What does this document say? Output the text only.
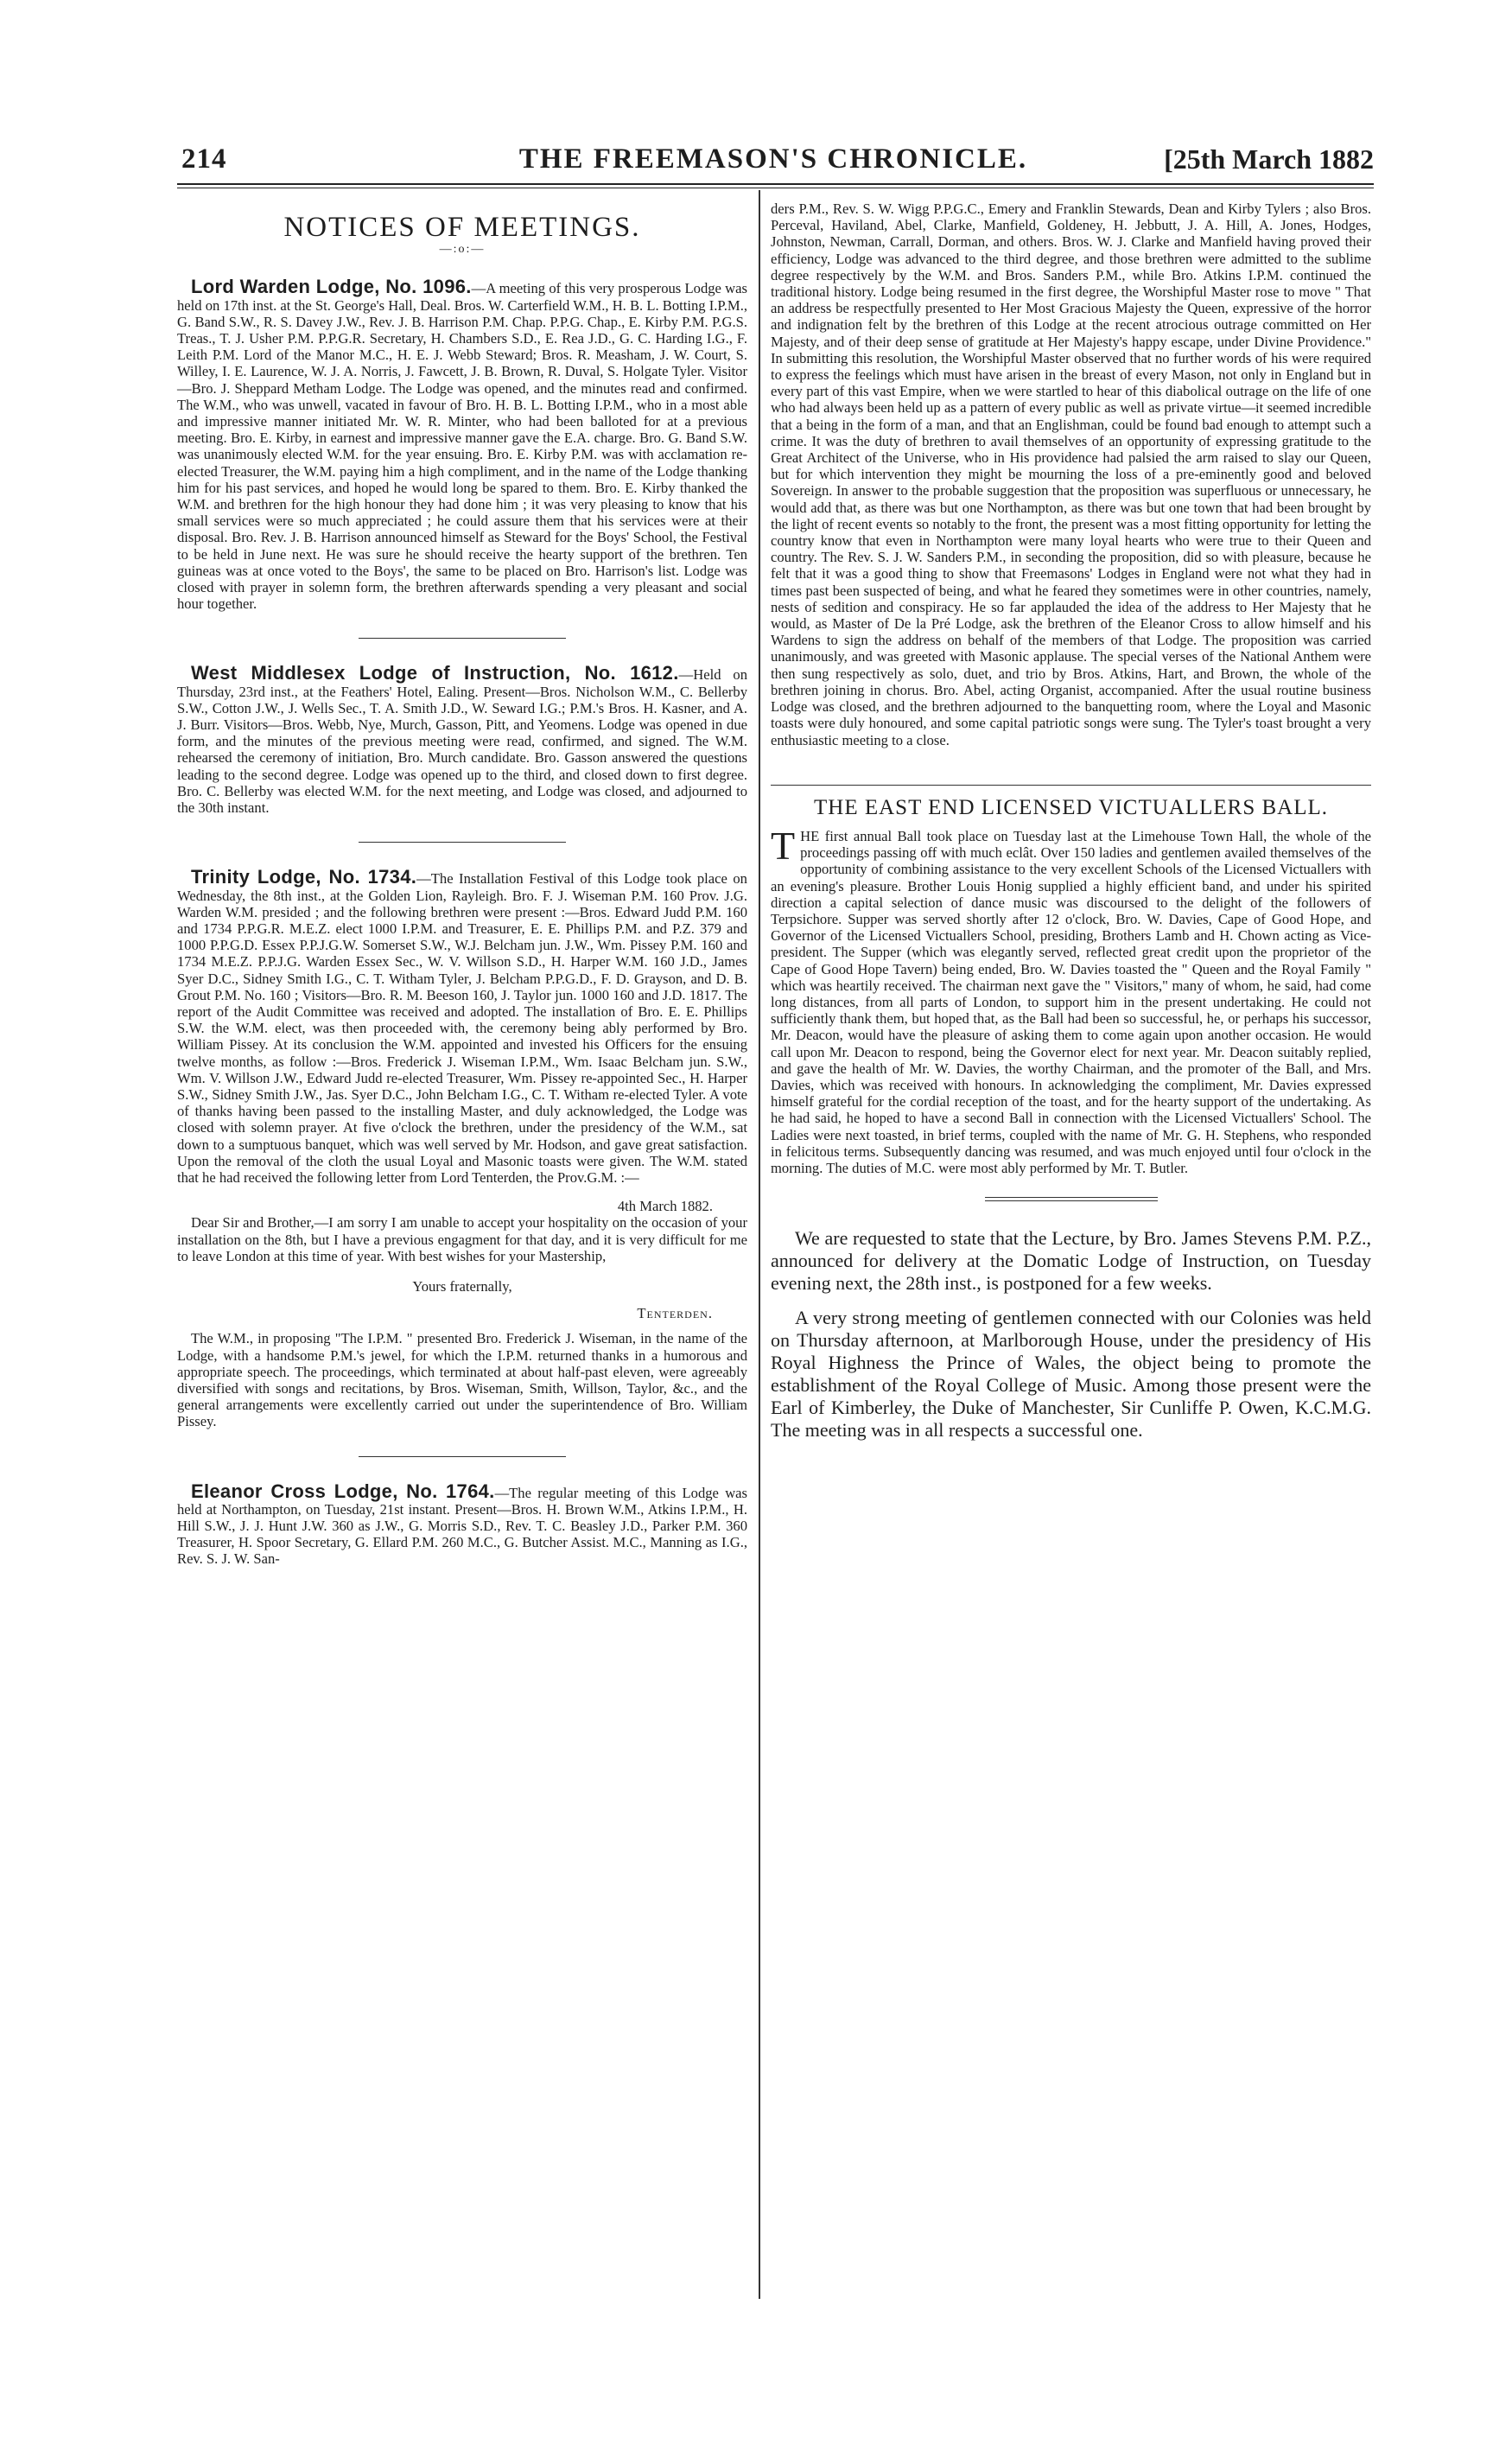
214	THE FREEMASON'S CHRONICLE.	[25th March 1882
NOTICES OF MEETINGS.
—:o:—

Lord Warden Lodge, No. 1096.—A meeting of this very prosperous Lodge was held on 17th inst. at the St. George's Hall, Deal. Bros. W. Carterfield W.M., H. B. L. Botting I.P.M., G. Band S.W., R. S. Davey J.W., Rev. J. B. Harrison P.M. Chap. P.P.G. Chap., E. Kirby P.M. P.G.S. Treas., T. J. Usher P.M. P.P.G.R. Secretary, H. Chambers S.D., E. Rea J.D., G. C. Harding I.G., F. Leith P.M. Lord of the Manor M.C., H. E. J. Webb Steward; Bros. R. Measham, J. W. Court, S. Willey, I. E. Laurence, W. J. A. Norris, J. Fawcett, J. B. Brown, R. Duval, S. Holgate Tyler. Visitor—Bro. J. Sheppard Metham Lodge. The Lodge was opened, and the minutes read and confirmed. The W.M., who was unwell, vacated in favour of Bro. H. B. L. Botting I.P.M., who in a most able and impressive manner initiated Mr. W. R. Minter, who had been balloted for at a previous meeting. Bro. E. Kirby, in earnest and impressive manner gave the E.A. charge. Bro. G. Band S.W. was unanimously elected W.M. for the year ensuing. Bro. E. Kirby P.M. was with acclamation re-elected Treasurer, the W.M. paying him a high compliment, and in the name of the Lodge thanking him for his past services, and hoped he would long be spared to them. Bro. E. Kirby thanked the W.M. and brethren for the high honour they had done him ; it was very pleasing to know that his small services were so much appreciated ; he could assure them that his services were at their disposal. Bro. Rev. J. B. Harrison announced himself as Steward for the Boys' School, the Festival to be held in June next. He was sure he should receive the hearty support of the brethren. Ten guineas was at once voted to the Boys', the same to be placed on Bro. Harrison's list. Lodge was closed with prayer in solemn form, the brethren afterwards spending a very pleasant and social hour together.

West Middlesex Lodge of Instruction, No. 1612.—Held on Thursday, 23rd inst., at the Feathers' Hotel, Ealing. Present—Bros. Nicholson W.M., C. Bellerby S.W., Cotton J.W., J. Wells Sec., T. A. Smith J.D., W. Seward I.G.; P.M.'s Bros. H. Kasner, and A. J. Burr. Visitors—Bros. Webb, Nye, Murch, Gasson, Pitt, and Yeomens. Lodge was opened in due form, and the minutes of the previous meeting were read, confirmed, and signed. The W.M. rehearsed the ceremony of initiation, Bro. Murch candidate. Bro. Gasson answered the questions leading to the second degree. Lodge was opened up to the third, and closed down to first degree. Bro. C. Bellerby was elected W.M. for the next meeting, and Lodge was closed, and adjourned to the 30th instant.

Trinity Lodge, No. 1734.—The Installation Festival of this Lodge took place on Wednesday, the 8th inst., at the Golden Lion, Rayleigh. Bro. F. J. Wiseman P.M. 160 Prov. J.G. Warden W.M. presided ; and the following brethren were present :—Bros. Edward Judd P.M. 160 and 1734 P.P.G.R. M.E.Z. elect 1000 I.P.M. and Treasurer, E. E. Phillips P.M. and P.Z. 379 and 1000 P.P.G.D. Essex P.P.J.G.W. Somerset S.W., W.J. Belcham jun. J.W., Wm. Pissey P.M. 160 and 1734 M.E.Z. P.P.J.G. Warden Essex Sec., W. V. Willson S.D., H. Harper W.M. 160 J.D., James Syer D.C., Sidney Smith I.G., C. T. Witham Tyler, J. Belcham P.P.G.D., F. D. Grayson, and D. B. Grout P.M. No. 160 ; Visitors—Bro. R. M. Beeson 160, J. Taylor jun. 1000 160 and J.D. 1817. The report of the Audit Committee was received and adopted. The installation of Bro. E. E. Phillips S.W. the W.M. elect, was then proceeded with, the ceremony being ably performed by Bro. William Pissey. At its conclusion the W.M. appointed and invested his Officers for the ensuing twelve months, as follow :—Bros. Frederick J. Wiseman I.P.M., Wm. Isaac Belcham jun. S.W., Wm. V. Willson J.W., Edward Judd re-elected Treasurer, Wm. Pissey re-appointed Sec., H. Harper S.W., Sidney Smith J.W., Jas. Syer D.C., John Belcham I.G., C. T. Witham re-elected Tyler. A vote of thanks having been passed to the installing Master, and duly acknowledged, the Lodge was closed with solemn prayer. At five o'clock the brethren, under the presidency of the W.M., sat down to a sumptuous banquet, which was well served by Mr. Hodson, and gave great satisfaction. Upon the removal of the cloth the usual Loyal and Masonic toasts were given. The W.M. stated that he had received the following letter from Lord Tenterden, the Prov.G.M. :—

4th March 1882.

Dear Sir and Brother,—I am sorry I am unable to accept your hospitality on the occasion of your installation on the 8th, but I have a previous engagment for that day, and it is very difficult for me to leave London at this time of year. With best wishes for your Mastership,

Yours fraternally,
Tenterden.

The W.M., in proposing "The I.P.M. " presented Bro. Frederick J. Wiseman, in the name of the Lodge, with a handsome P.M.'s jewel, for which the I.P.M. returned thanks in a humorous and appropriate speech. The proceedings, which terminated at about half-past eleven, were agreeably diversified with songs and recitations, by Bros. Wiseman, Smith, Willson, Taylor, &c., and the general arrangements were excellently carried out under the superintendence of Bro. William Pissey.

Eleanor Cross Lodge, No. 1764.—The regular meeting of this Lodge was held at Northampton, on Tuesday, 21st instant. Present—Bros. H. Brown W.M., Atkins I.P.M., H. Hill S.W., J. J. Hunt J.W. 360 as J.W., G. Morris S.D., Rev. T. C. Beasley J.D., Parker P.M. 360 Treasurer, H. Spoor Secretary, G. Ellard P.M. 260 M.C., G. Butcher Assist. M.C., Manning as I.G., Rev. S. J. W. San-

ders P.M., Rev. S. W. Wigg P.P.G.C., Emery and Franklin Stewards, Dean and Kirby Tylers ; also Bros. Perceval, Haviland, Abel, Clarke, Manfield, Goldeney, H. Jebbutt, J. A. Hill, A. Jones, Hodges, Johnston, Newman, Carrall, Dorman, and others. Bros. W. J. Clarke and Manfield having proved their efficiency, Lodge was advanced to the third degree, and those brethren were admitted to the sublime degree respectively by the W.M. and Bros. Sanders P.M., while Bro. Atkins I.P.M. continued the traditional history. Lodge being resumed in the first degree, the Worshipful Master rose to move " That an address be respectfully presented to Her Most Gracious Majesty the Queen, expressive of the horror and indignation felt by the brethren of this Lodge at the recent atrocious outrage committed on Her Majesty, and of their deep sense of gratitude at Her Majesty's happy escape, under Divine Providence." In submitting this resolution, the Worshipful Master observed that no further words of his were required to express the feelings which must have arisen in the breast of every Mason, not only in England but in every part of this vast Empire, when we were startled to hear of this diabolical outrage on the life of one who had always been held up as a pattern of every public as well as private virtue—it seemed incredible that a being in the form of a man, and that an Englishman, could be found bad enough to attempt such a crime. It was the duty of brethren to avail themselves of an opportunity of expressing gratitude to the Great Architect of the Universe, who in His providence had palsied the arm raised to slay our Queen, but for which intervention they might be mourning the loss of a pre-eminently good and beloved Sovereign. In answer to the probable suggestion that the proposition was superfluous or unnecessary, he would add that, as there was but one Northampton, as there was but one town that had been brought by the light of recent events so notably to the front, the present was a most fitting opportunity for letting the country know that even in Northampton were many loyal hearts who were true to their Queen and country. The Rev. S. J. W. Sanders P.M., in seconding the proposition, did so with pleasure, because he felt that it was a good thing to show that Freemasons' Lodges in England were not what they had in times past been suspected of being, and what he feared they sometimes were in other countries, namely, nests of sedition and conspiracy. He so far applauded the idea of the address to Her Majesty that he would, as Master of De la Pré Lodge, ask the brethren of the Eleanor Cross to allow himself and his Wardens to sign the address on behalf of the members of that Lodge. The proposition was carried unanimously, and was greeted with Masonic applause. The special verses of the National Anthem were then sung respectively as solo, duet, and trio by Bros. Atkins, Hart, and Brown, the whole of the brethren joining in chorus. Bro. Abel, acting Organist, accompanied. After the usual routine business Lodge was closed, and the brethren adjourned to the banquetting room, where the Loyal and Masonic toasts were duly honoured, and some capital patriotic songs were sung. The Tyler's toast brought a very enthusiastic meeting to a close.

THE EAST END LICENSED VICTUALLERS BALL.

THE first annual Ball took place on Tuesday last at the Limehouse Town Hall, the whole of the proceedings passing off with much eclât. Over 150 ladies and gentlemen availed themselves of the opportunity of combining assistance to the very excellent Schools of the Licensed Victuallers with an evening's pleasure. Brother Louis Honig supplied a highly efficient band, and under his spirited direction a capital selection of dance music was discoursed to the delight of the followers of Terpsichore. Supper was served shortly after 12 o'clock, Bro. W. Davies, Cape of Good Hope, and Governor of the Licensed Victuallers School, presiding, Brothers Lamb and H. Chown acting as Vice-president. The Supper (which was elegantly served, reflected great credit upon the proprietor of the Cape of Good Hope Tavern) being ended, Bro. W. Davies toasted the " Queen and the Royal Family " which was heartily received. The chairman next gave the " Visitors," many of whom, he said, had come long distances, from all parts of London, to support him in the present undertaking. He could not sufficiently thank them, but hoped that, as the Ball had been so successful, he, or perhaps his successor, Mr. Deacon, would have the pleasure of asking them to come again upon another occasion. He would call upon Mr. Deacon to respond, being the Governor elect for next year. Mr. Deacon suitably replied, and gave the health of Mr. W. Davies, the worthy Chairman, and the promoter of the Ball, and Mrs. Davies, which was received with honours. In acknowledging the compliment, Mr. Davies expressed himself grateful for the cordial reception of the toast, and for the hearty support of the undertaking. As he had said, he hoped to have a second Ball in connection with the Licensed Victuallers' School. The Ladies were next toasted, in brief terms, coupled with the name of Mr. G. H. Stephens, who responded in felicitous terms. Subsequently dancing was resumed, and was much enjoyed until four o'clock in the morning. The duties of M.C. were most ably performed by Mr. T. Butler.

We are requested to state that the Lecture, by Bro. James Stevens P.M. P.Z., announced for delivery at the Domatic Lodge of Instruction, on Tuesday evening next, the 28th inst., is postponed for a few weeks.

A very strong meeting of gentlemen connected with our Colonies was held on Thursday afternoon, at Marlborough House, under the presidency of His Royal Highness the Prince of Wales, the object being to promote the establishment of the Royal College of Music. Among those present were the Earl of Kimberley, the Duke of Manchester, Sir Cunliffe P. Owen, K.C.M.G. The meeting was in all respects a successful one.
